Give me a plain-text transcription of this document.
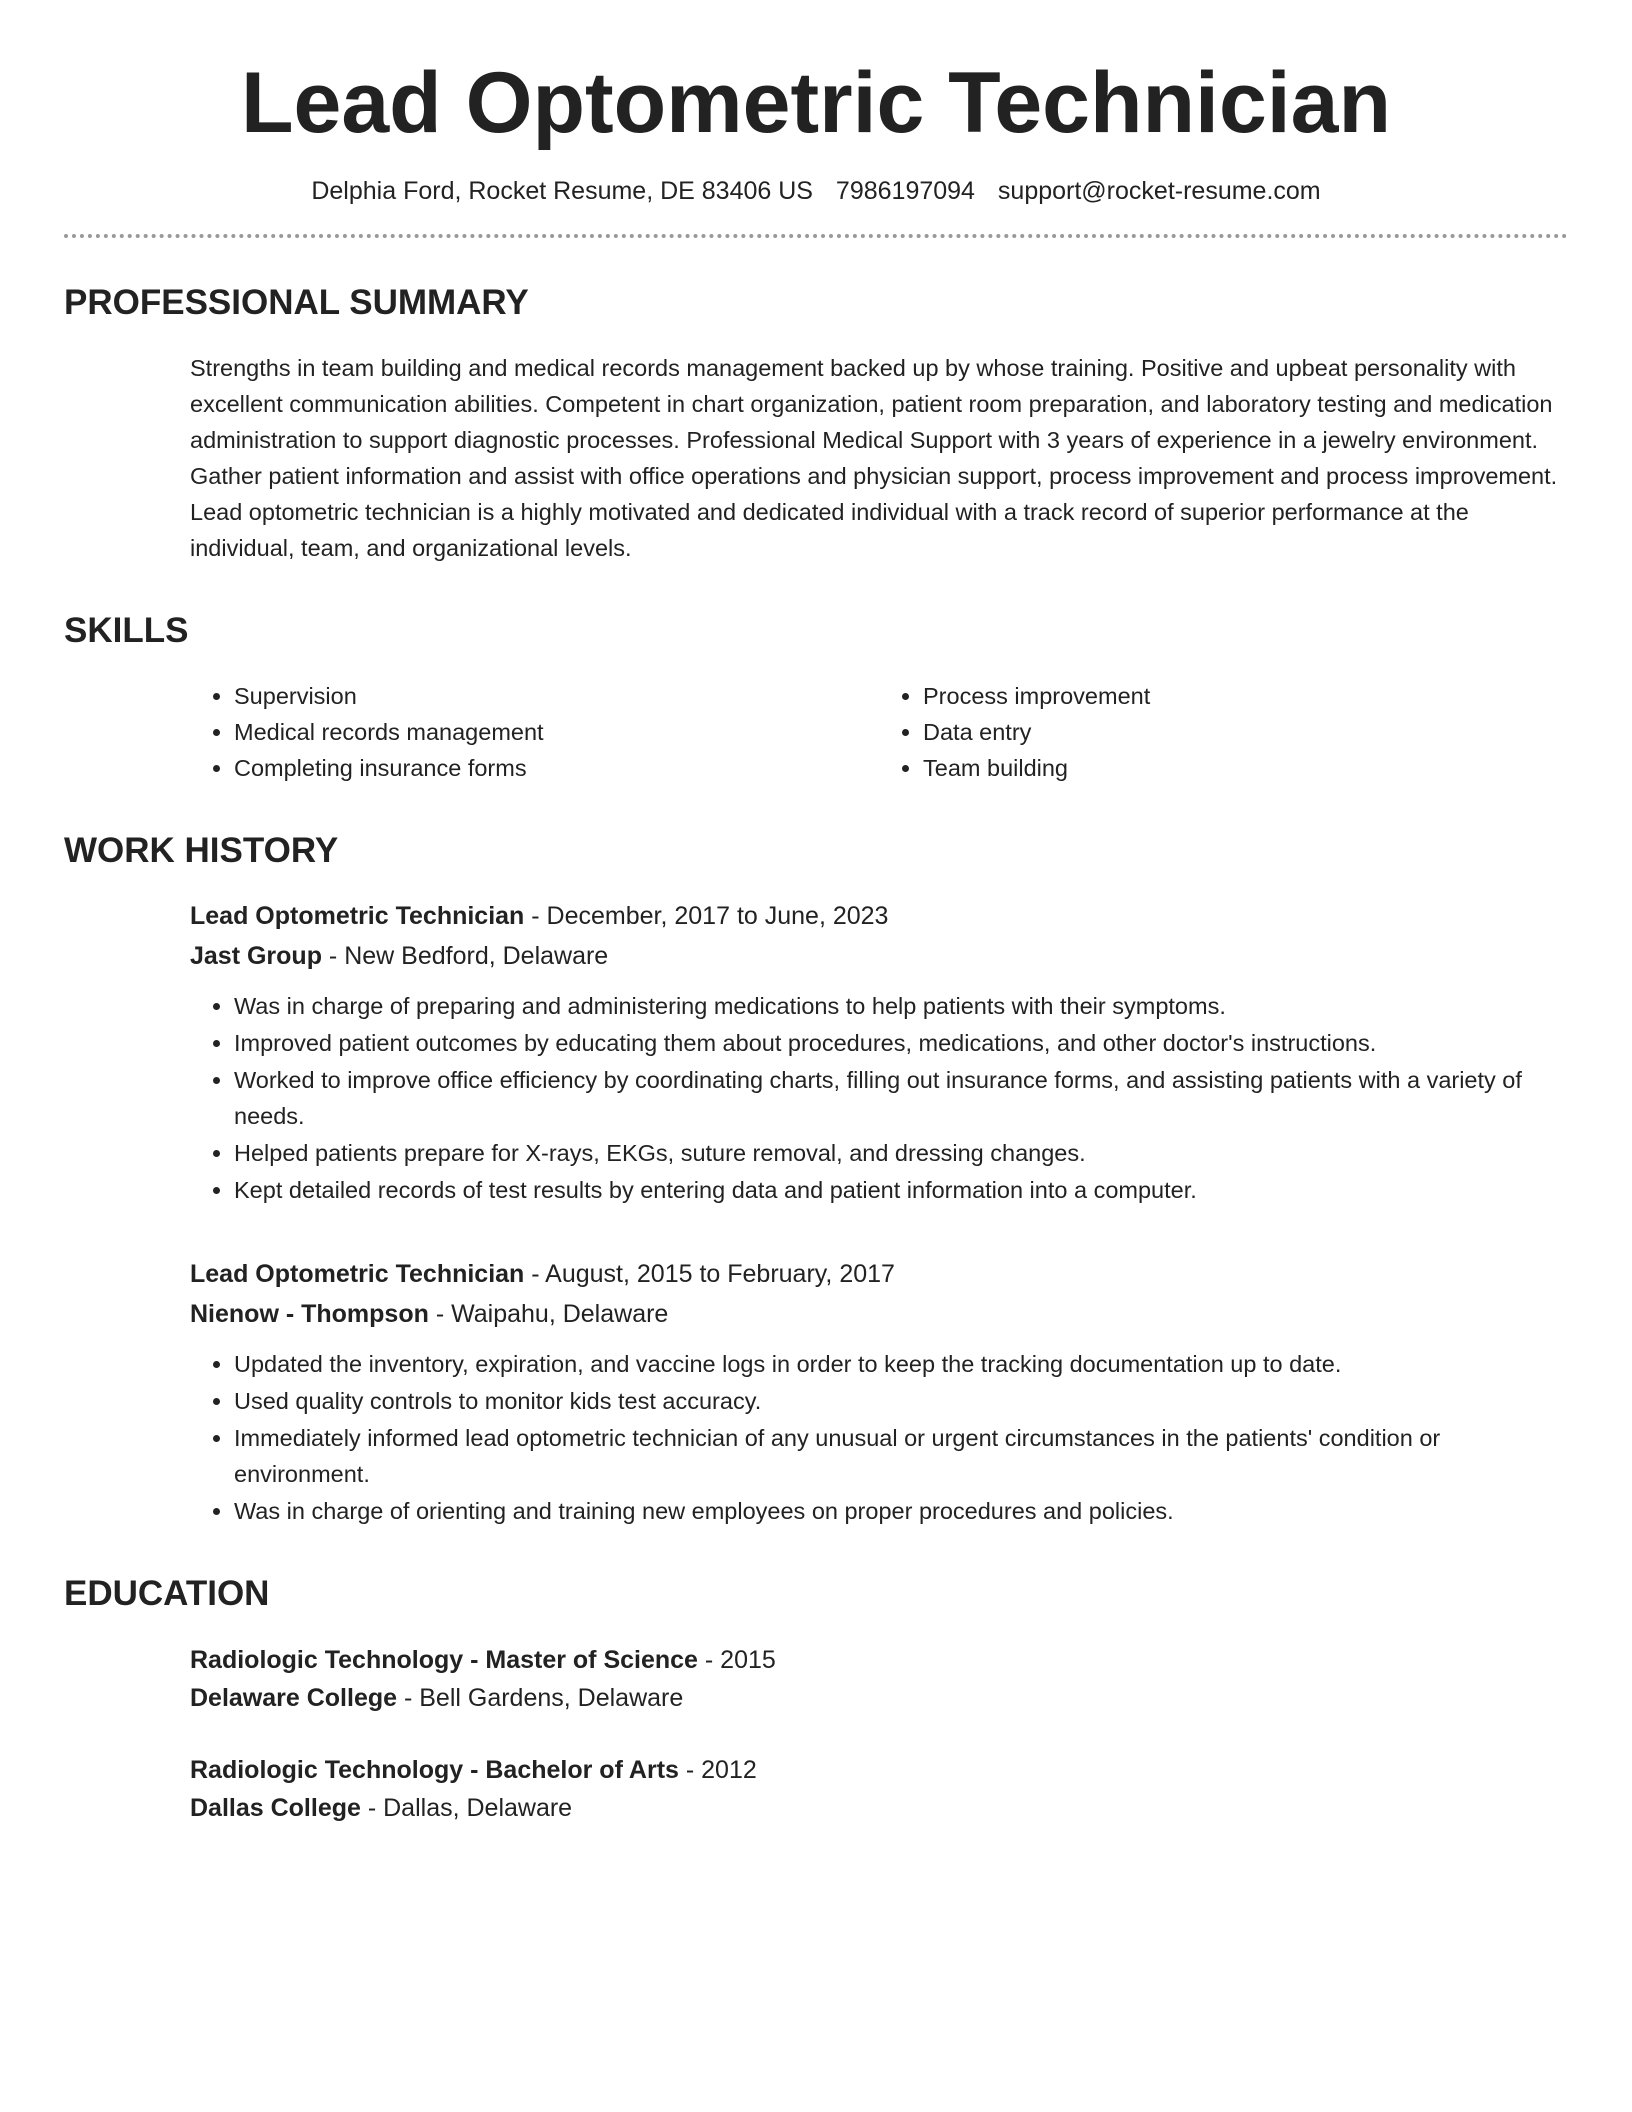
Lead Optometric Technician
Delphia Ford, Rocket Resume, DE 83406 US 7986197094 support@rocket-resume.com
PROFESSIONAL SUMMARY

Strengths in team building and medical records management backed up by whose training. Positive and upbeat personality with excellent communication abilities. Competent in chart organization, patient room preparation, and laboratory testing and medication administration to support diagnostic processes. Professional Medical Support with 3 years of experience in a jewelry environment. Gather patient information and assist with office operations and physician support, process improvement and process improvement. Lead optometric technician is a highly motivated and dedicated individual with a track record of superior performance at the individual, team, and organizational levels.

SKILLS
• Supervision
• Medical records management
• Completing insurance forms
• Process improvement
• Data entry
• Team building
WORK HISTORY
Lead Optometric Technician - December, 2017 to June, 2023
Jast Group - New Bedford, Delaware
• Was in charge of preparing and administering medications to help patients with their symptoms.
• Improved patient outcomes by educating them about procedures, medications, and other doctor's instructions.
• Worked to improve office efficiency by coordinating charts, filling out insurance forms, and assisting patients with a variety of needs.
• Helped patients prepare for X-rays, EKGs, suture removal, and dressing changes.
• Kept detailed records of test results by entering data and patient information into a computer.
Lead Optometric Technician - August, 2015 to February, 2017
Nienow - Thompson - Waipahu, Delaware
• Updated the inventory, expiration, and vaccine logs in order to keep the tracking documentation up to date.
• Used quality controls to monitor kids test accuracy.
• Immediately informed lead optometric technician of any unusual or urgent circumstances in the patients' condition or environment.
• Was in charge of orienting and training new employees on proper procedures and policies.
EDUCATION
Radiologic Technology - Master of Science - 2015
Delaware College - Bell Gardens, Delaware
Radiologic Technology - Bachelor of Arts - 2012
Dallas College - Dallas, Delaware
